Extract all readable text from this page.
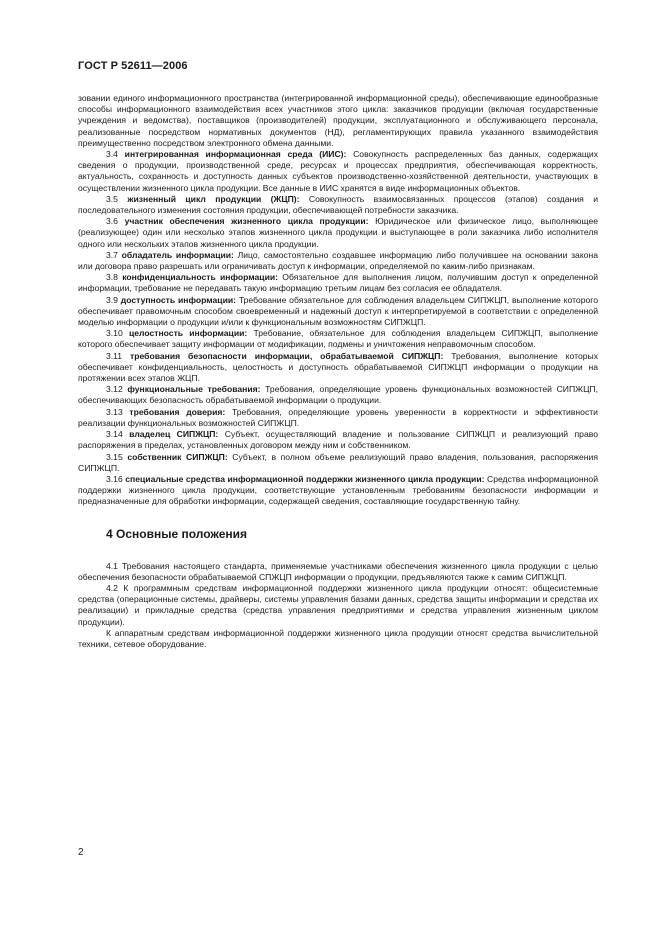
ГОСТ Р 52611—2006

зовании единого информационного пространства (интегрированной информационной среды), обеспечивающие единообразные способы информационного взаимодействия всех участников этого цикла: заказчиков продукции (включая государственные учреждения и ведомства), поставщиков (производителей) продукции, эксплуатационного и обслуживающего персонала, реализованные посредством нормативных документов (НД), регламентирующих правила указанного взаимодействия преимущественно посредством электронного обмена данными.

3.4 интегрированная информационная среда (ИИС): Совокупность распределенных баз данных, содержащих сведения о продукции, производственной среде, ресурсах и процессах предприятия, обеспечивающая корректность, актуальность, сохранность и доступность данных субъектов производственно-хозяйственной деятельности, участвующих в осуществлении жизненного цикла продукции. Все данные в ИИС хранятся в виде информационных объектов.

3.5 жизненный цикл продукции (ЖЦП): Совокупность взаимосвязанных процессов (этапов) создания и последовательного изменения состояния продукции, обеспечивающей потребности заказчика.

3.6 участник обеспечения жизненного цикла продукции: Юридическое или физическое лицо, выполняющее (реализующее) один или несколько этапов жизненного цикла продукции и выступающее в роли заказчика либо исполнителя одного или нескольких этапов жизненного цикла продукции.

3.7 обладатель информации: Лицо, самостоятельно создавшее информацию либо получившее на основании закона или договора право разрешать или ограничивать доступ к информации, определяемой по каким-либо признакам.

3.8 конфиденциальность информации: Обязательное для выполнения лицом, получившим доступ к определенной информации, требование не передавать такую информацию третьим лицам без согласия ее обладателя.

3.9 доступность информации: Требование обязательное для соблюдения владельцем СИПЖЦП, выполнение которого обеспечивает правомочным способом своевременный и надежный доступ к интерпретируемой в соответствии с определенной моделью информации о продукции и/или к функциональным возможностям СИПЖЦП.

3.10 целостность информации: Требование, обязательное для соблюдения владельцем СИПЖЦП, выполнение которого обеспечивает защиту информации от модификации, подмены и уничтожения неправомочным способом.

3.11 требования безопасности информации, обрабатываемой СИПЖЦП: Требования, выполнение которых обеспечивает конфиденциальность, целостность и доступность обрабатываемой СИПЖЦП информации о продукции на протяжении всех этапов ЖЦП.

3.12 функциональные требования: Требования, определяющие уровень функциональных возможностей СИПЖЦП, обеспечивающих безопасность обрабатываемой информации о продукции.

3.13 требования доверия: Требования, определяющие уровень уверенности в корректности и эффективности реализации функциональных возможностей СИПЖЦП.

3.14 владелец СИПЖЦП: Субъект, осуществляющий владение и пользование СИПЖЦП и реализующий право распоряжения в пределах, установленных договором между ним и собственником.

3.15 собственник СИПЖЦП: Субъект, в полном объеме реализующий право владения, пользования, распоряжения СИПЖЦП.

3.16 специальные средства информационной поддержки жизненного цикла продукции: Средства информационной поддержки жизненного цикла продукции, соответствующие установленным требованиям безопасности информации и предназначенные для обработки информации, содержащей сведения, составляющие государственную тайну.

4 Основные положения

4.1 Требования настоящего стандарта, применяемые участниками обеспечения жизненного цикла продукции с целью обеспечения безопасности обрабатываемой СПЖЦП информации о продукции, предъявляются также к самим СИПЖЦП.

4.2 К программным средствам информационной поддержки жизненного цикла продукции относят: общесистемные средства (операционные системы, драйверы, системы управления базами данных, средства защиты информации и средства их реализации) и прикладные средства (средства управления предприятиями и средства управления жизненным циклом продукции).

К аппаратным средствам информационной поддержки жизненного цикла продукции относят средства вычислительной техники, сетевое оборудование.

2
